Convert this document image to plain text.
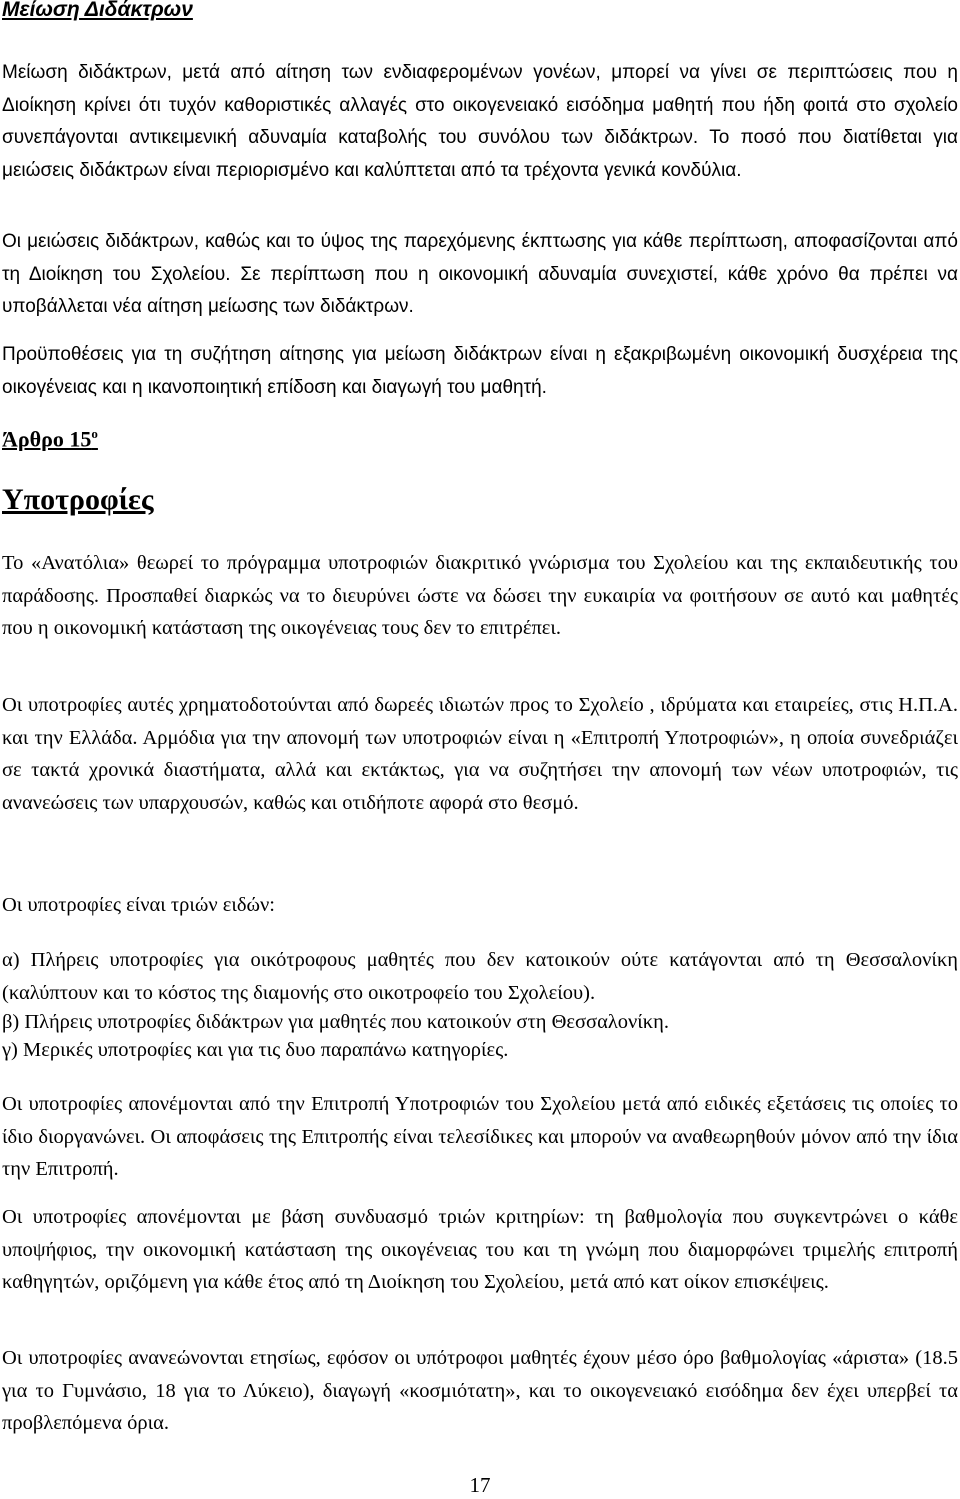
Μείωση Διδάκτρων

Μείωση διδάκτρων, μετά από αίτηση των ενδιαφερομένων γονέων, μπορεί να γίνει σε περιπτώσεις που η Διοίκηση κρίνει ότι τυχόν καθοριστικές αλλαγές στο οικογενειακό εισόδημα μαθητή που ήδη φοιτά στο σχολείο συνεπάγονται αντικειμενική αδυναμία καταβολής του συνόλου των διδάκτρων. Το ποσό που διατίθεται για μειώσεις διδάκτρων είναι περιορισμένο και καλύπτεται από τα τρέχοντα γενικά κονδύλια.

Οι μειώσεις διδάκτρων, καθώς και το ύψος της παρεχόμενης έκπτωσης για κάθε περίπτωση, αποφασίζονται από τη Διοίκηση του Σχολείου. Σε περίπτωση που η οικονομική αδυναμία συνεχιστεί, κάθε χρόνο θα πρέπει να υποβάλλεται νέα αίτηση μείωσης των διδάκτρων.

Προϋποθέσεις για τη συζήτηση αίτησης για μείωση διδάκτρων είναι η εξακριβωμένη οικονομική δυσχέρεια της οικογένειας και η ικανοποιητική επίδοση και διαγωγή του μαθητή.

Άρθρο $15^o$
Υποτροφίες

Το «Ανατόλια» θεωρεί το πρόγραμμα υποτροφιών διακριτικό γνώρισμα του Σχολείου και της εκπαιδευτικής του παράδοσης. Προσπαθεί διαρκώς να το διευρύνει ώστε να δώσει την ευκαιρία να φοιτήσουν σε αυτό και μαθητές που η οικονομική κατάσταση της οικογένειας τους δεν το επιτρέπει.

Οι υποτροφίες αυτές χρηματοδοτούνται από δωρεές ιδιωτών προς το Σχολείο , ιδρύματα και εταιρείες, στις Η.Π.Α. και την Ελλάδα. Αρμόδια για την απονομή των υποτροφιών είναι η «Επιτροπή Υποτροφιών», η οποία συνεδριάζει σε τακτά χρονικά διαστήματα, αλλά και εκτάκτως, για να συζητήσει την απονομή των νέων υποτροφιών, τις ανανεώσεις των υπαρχουσών, καθώς και οτιδήποτε αφορά στο θεσμό.

Οι υποτροφίες είναι τριών ειδών:

α) Πλήρεις υποτροφίες για οικότροφους μαθητές που δεν κατοικούν ούτε κατάγονται από τη Θεσσαλονίκη (καλύπτουν και το κόστος της διαμονής στο οικοτροφείο του Σχολείου).

β) Πλήρεις υποτροφίες διδάκτρων για μαθητές που κατοικούν στη Θεσσαλονίκη.

γ) Μερικές υποτροφίες και για τις δυο παραπάνω κατηγορίες.

Οι υποτροφίες απονέμονται από την Επιτροπή Υποτροφιών του Σχολείου μετά από ειδικές εξετάσεις τις οποίες το ίδιο διοργανώνει. Οι αποφάσεις της Επιτροπής είναι τελεσίδικες και μπορούν να αναθεωρηθούν μόνον από την ίδια την Επιτροπή.

Οι υποτροφίες απονέμονται με βάση συνδυασμό τριών κριτηρίων: τη βαθμολογία που συγκεντρώνει ο κάθε υποψήφιος, την οικονομική κατάσταση της οικογένειας του και τη γνώμη που διαμορφώνει τριμελής επιτροπή καθηγητών, οριζόμενη για κάθε έτος από τη Διοίκηση του Σχολείου, μετά από κατ οίκον επισκέψεις.

Οι υποτροφίες ανανεώνονται ετησίως, εφόσον οι υπότροφοι μαθητές έχουν μέσο όρο βαθμολογίας «άριστα» (18.5 για το Γυμνάσιο, 18 για το Λύκειο), διαγωγή «κοσμιότατη», και το οικογενειακό εισόδημα δεν έχει υπερβεί τα προβλεπόμενα όρια.

17
